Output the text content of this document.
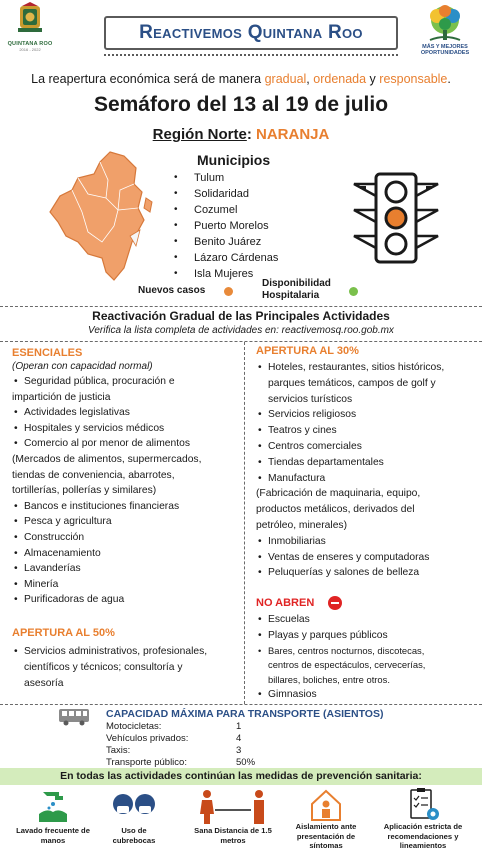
QUINTANA ROO
2016 - 2022
Reactivemos Quintana Roo
MÁS Y MEJORES OPORTUNIDADES
La reapertura económica será de manera gradual, ordenada y responsable.
Semáforo del 13 al 19 de julio
Región Norte: NARANJA
Municipios
• Tulum
• Solidaridad
• Cozumel
• Puerto Morelos
• Benito Juárez
• Lázaro Cárdenas
• Isla Mujeres
Nuevos casos
Disponibilidad Hospitalaria
Reactivación Gradual de las Principales Actividades
Verifica la lista completa de actividades en: reactivemosq.roo.gob.mx
ESENCIALES
(Operan con capacidad normal)
• Seguridad pública, procuración e
impartición de justicia
• Actividades legislativas
• Hospitales y servicios médicos
• Comercio al por menor de alimentos
(Mercados de alimentos, supermercados,
tiendas de conveniencia, abarrotes,
tortillerías, pollerías y similares)
• Bancos e instituciones financieras
• Pesca y agricultura
• Construcción
• Almacenamiento
• Lavanderías
• Minería
• Purificadoras de agua
APERTURA AL 50%
• Servicios administrativos, profesionales,
científicos y técnicos; consultoría y
asesoría
APERTURA AL 30%
• Hoteles, restaurantes, sitios históricos,
parques temáticos, campos de golf y
servicios turísticos
• Servicios religiosos
• Teatros y cines
• Centros comerciales
• Tiendas departamentales
• Manufactura
(Fabricación de maquinaria, equipo,
productos metálicos, derivados del
petróleo, minerales)
• Inmobiliarias
• Ventas de enseres y computadoras
• Peluquerías y salones de belleza
NO ABREN
• Escuelas
• Playas y parques públicos
• Bares, centros nocturnos, discotecas,
centros de espectáculos, cervecerías,
billares, boliches, entre otros.
• Gimnasios
CAPACIDAD MÁXIMA PARA TRANSPORTE (ASIENTOS)
Motocicletas:	1
Vehículos privados:	4
Taxis:	3
Transporte público:	50%
En todas las actividades continúan las medidas de prevención sanitaria:
Lavado frecuente de manos
Uso de cubrebocas
Sana Distancia de 1.5 metros
Aislamiento ante presentación de síntomas
Aplicación estricta de recomendaciones y lineamientos
